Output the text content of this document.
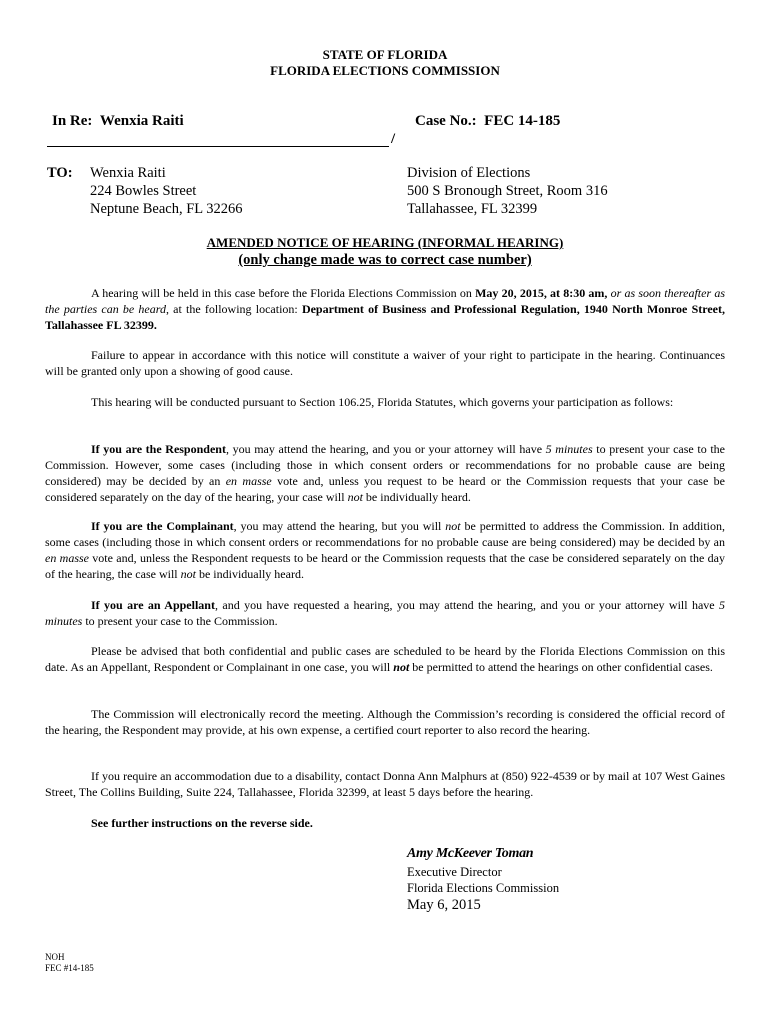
STATE OF FLORIDA
FLORIDA ELECTIONS COMMISSION
In Re: Wenxia Raiti	Case No.: FEC 14-185
/
TO: Wenxia Raiti
224 Bowles Street
Neptune Beach, FL 32266
Division of Elections
500 S Bronough Street, Room 316
Tallahassee, FL 32399
AMENDED NOTICE OF HEARING (INFORMAL HEARING)
(only change made was to correct case number)
A hearing will be held in this case before the Florida Elections Commission on May 20, 2015, at 8:30 am, or as soon thereafter as the parties can be heard, at the following location: Department of Business and Professional Regulation, 1940 North Monroe Street, Tallahassee FL 32399.
Failure to appear in accordance with this notice will constitute a waiver of your right to participate in the hearing. Continuances will be granted only upon a showing of good cause.
This hearing will be conducted pursuant to Section 106.25, Florida Statutes, which governs your participation as follows:
If you are the Respondent, you may attend the hearing, and you or your attorney will have 5 minutes to present your case to the Commission. However, some cases (including those in which consent orders or recommendations for no probable cause are being considered) may be decided by an en masse vote and, unless you request to be heard or the Commission requests that your case be considered separately on the day of the hearing, your case will not be individually heard.
If you are the Complainant, you may attend the hearing, but you will not be permitted to address the Commission. In addition, some cases (including those in which consent orders or recommendations for no probable cause are being considered) may be decided by an en masse vote and, unless the Respondent requests to be heard or the Commission requests that the case be considered separately on the day of the hearing, the case will not be individually heard.
If you are an Appellant, and you have requested a hearing, you may attend the hearing, and you or your attorney will have 5 minutes to present your case to the Commission.
Please be advised that both confidential and public cases are scheduled to be heard by the Florida Elections Commission on this date. As an Appellant, Respondent or Complainant in one case, you will not be permitted to attend the hearings on other confidential cases.
The Commission will electronically record the meeting. Although the Commission’s recording is considered the official record of the hearing, the Respondent may provide, at his own expense, a certified court reporter to also record the hearing.
If you require an accommodation due to a disability, contact Donna Ann Malphurs at (850) 922-4539 or by mail at 107 West Gaines Street, The Collins Building, Suite 224, Tallahassee, Florida 32399, at least 5 days before the hearing.
See further instructions on the reverse side.
Amy McKeever Toman
Executive Director
Florida Elections Commission
May 6, 2015
NOH
FEC #14-185
